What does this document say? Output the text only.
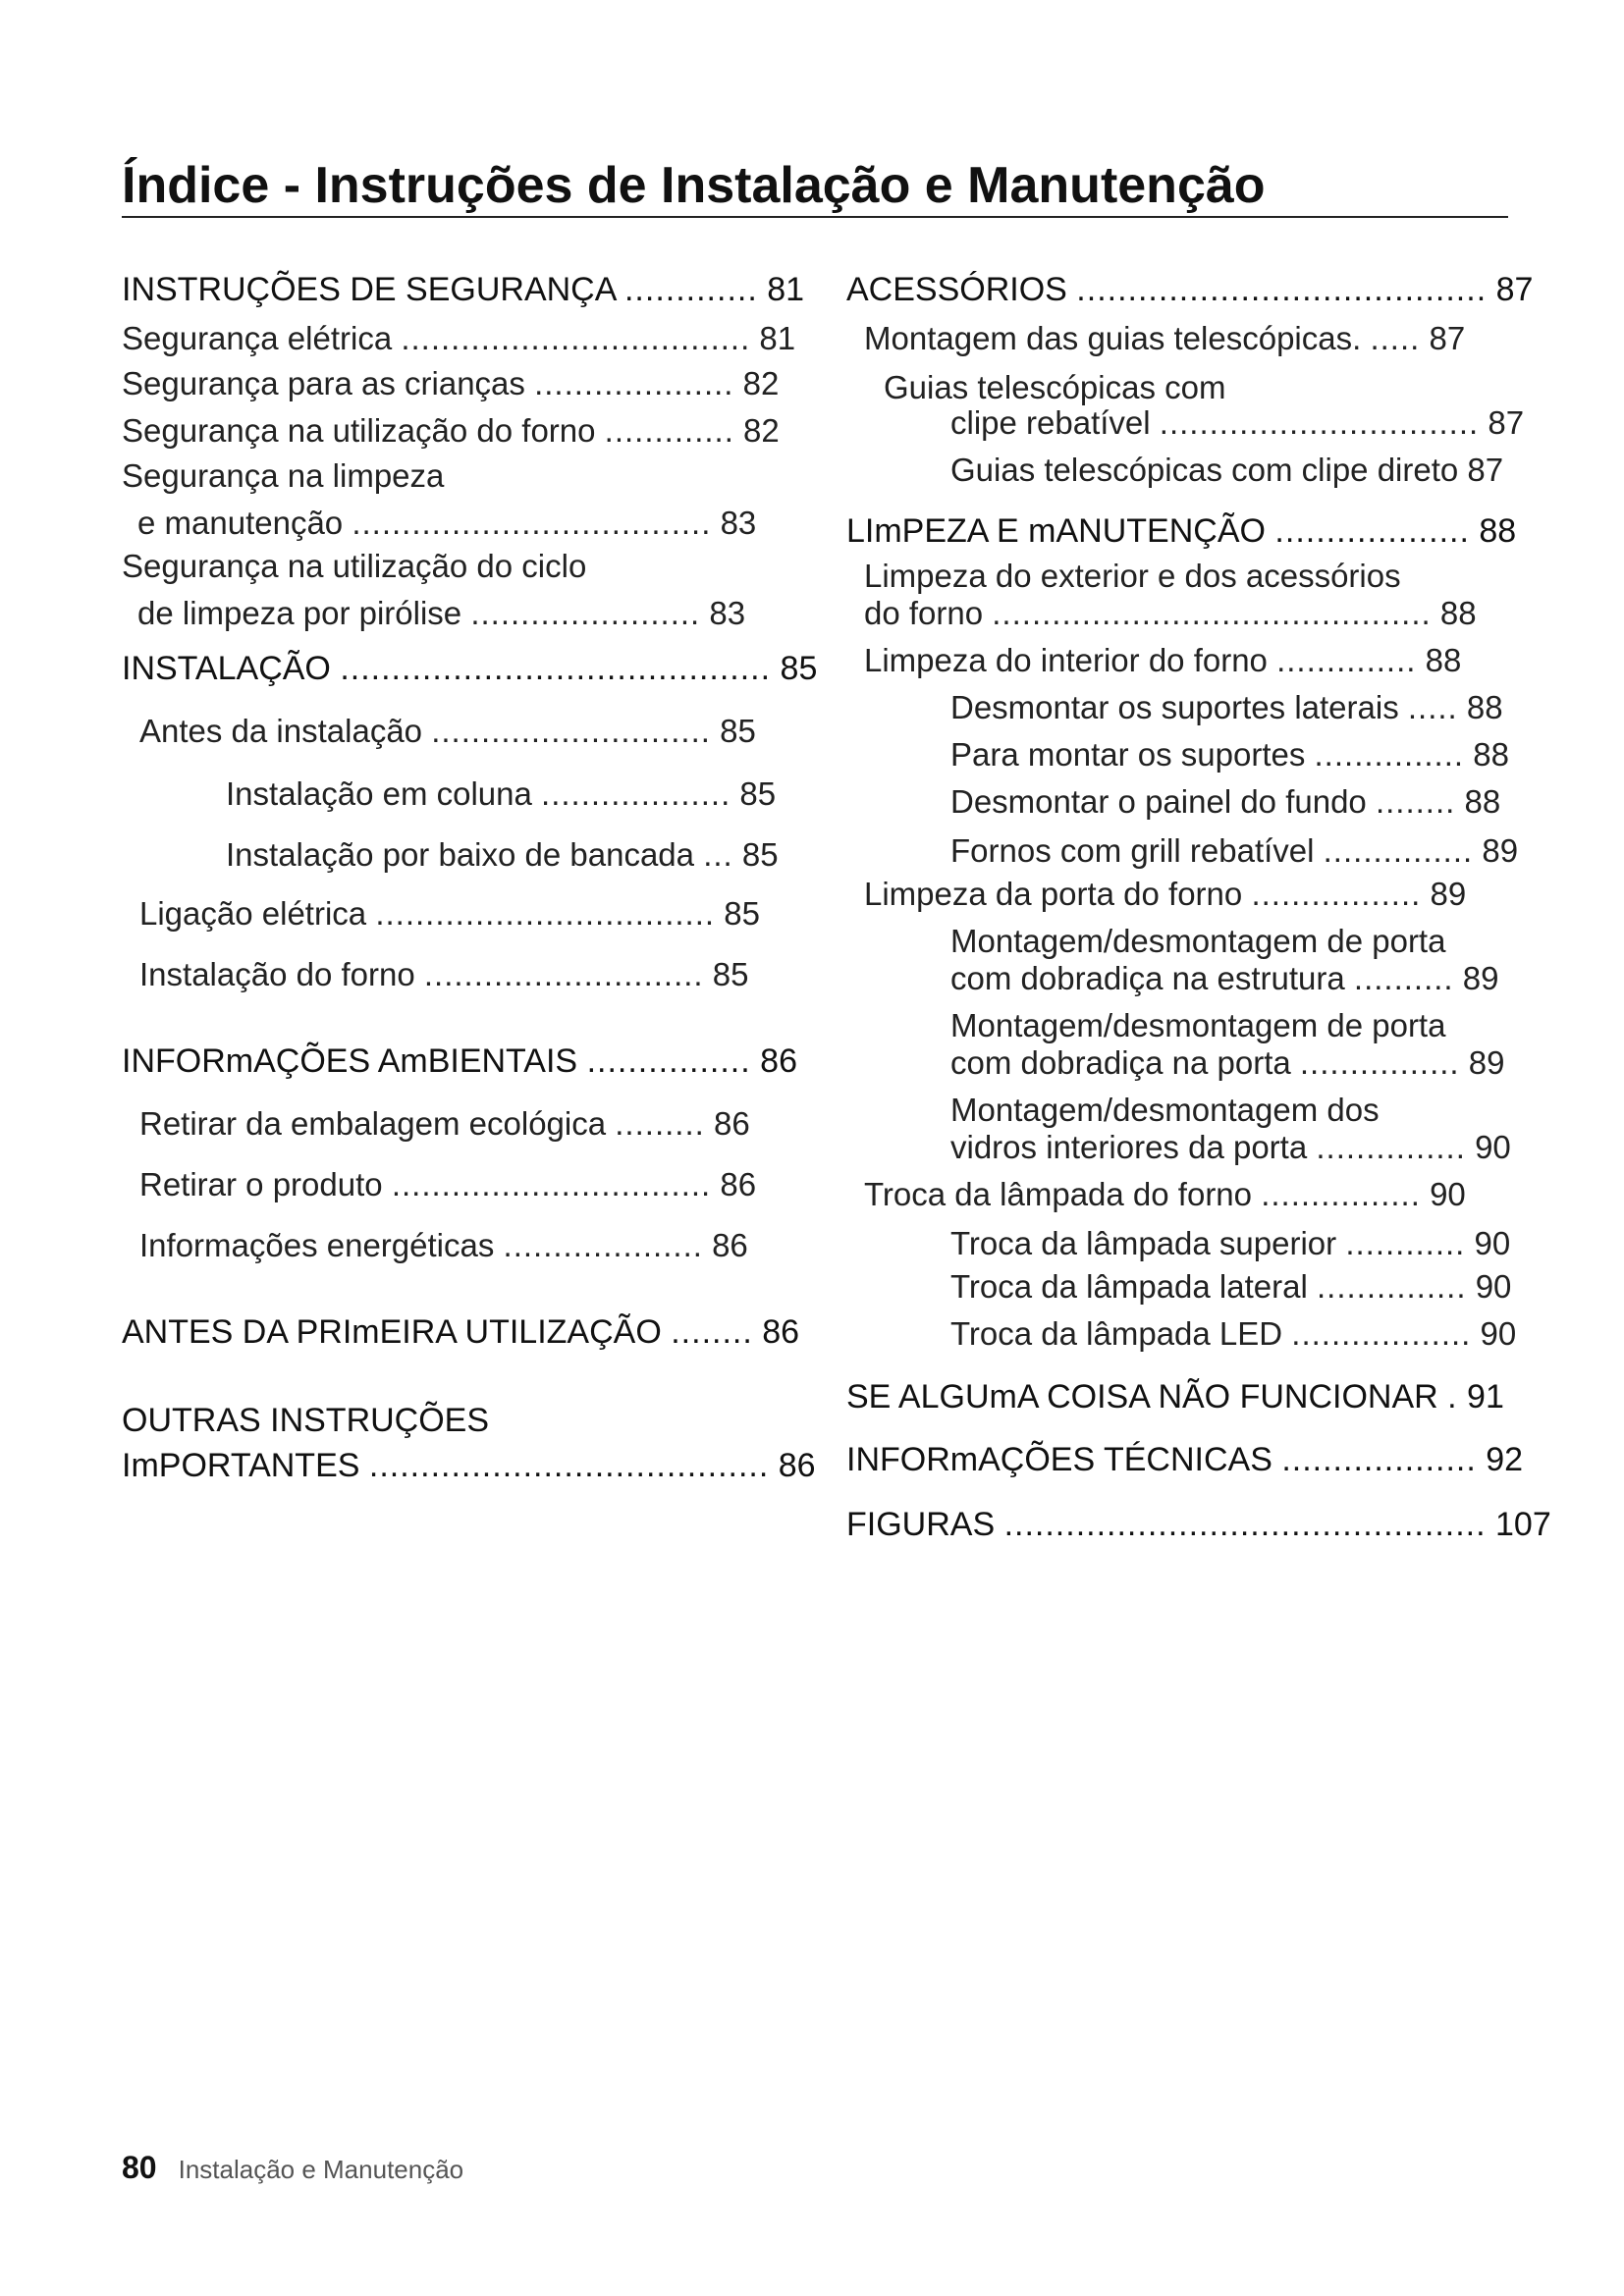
Índice - Instruções de Instalação e Manutenção
INSTRUÇÕES DE SEGURANÇA ............. 81
Segurança elétrica ................................... 81
Segurança para as crianças .................... 82
Segurança na utilização do forno ............. 82
Segurança na limpeza
e manutenção .................................... 83
Segurança na utilização do ciclo
de limpeza por pirólise ....................... 83
INSTALAÇÃO .......................................... 85
Antes da instalação ............................ 85
Instalação em coluna ................... 85
Instalação por baixo de bancada ... 85
Ligação elétrica .................................. 85
Instalação do forno ............................ 85
INFORmAÇÕES AmBIENTAIS ................ 86
Retirar da embalagem ecológica ......... 86
Retirar o produto ................................ 86
Informações energéticas .................... 86
ANTES DA PRImEIRA UTILIZAÇÃO ........ 86
OUTRAS INSTRUÇÕES
ImPORTANTES ....................................... 86
ACESSÓRIOS ........................................ 87
Montagem das guias telescópicas. ..... 87
Guias telescópicas com
clipe rebatível ................................ 87
Guias telescópicas com clipe direto 87
LImPEZA E mANUTENÇÃO ................... 88
Limpeza do exterior e dos acessórios
do forno ............................................ 88
Limpeza do interior do forno .............. 88
Desmontar os suportes laterais ..... 88
Para montar os suportes ............... 88
Desmontar o painel do fundo ........ 88
Fornos com grill rebatível ............... 89
Limpeza da porta do forno ................. 89
Montagem/desmontagem de porta
com dobradiça na estrutura .......... 89
Montagem/desmontagem de porta
com dobradiça na porta ................ 89
Montagem/desmontagem dos
vidros interiores da porta ............... 90
Troca da lâmpada do forno ................ 90
Troca da lâmpada superior ............ 90
Troca da lâmpada lateral ............... 90
Troca da lâmpada LED .................. 90
SE ALGUmA COISA NÃO FUNCIONAR . 91
INFORmAÇÕES TÉCNICAS ................... 92
FIGURAS ............................................... 107
80 Instalação e Manutenção
